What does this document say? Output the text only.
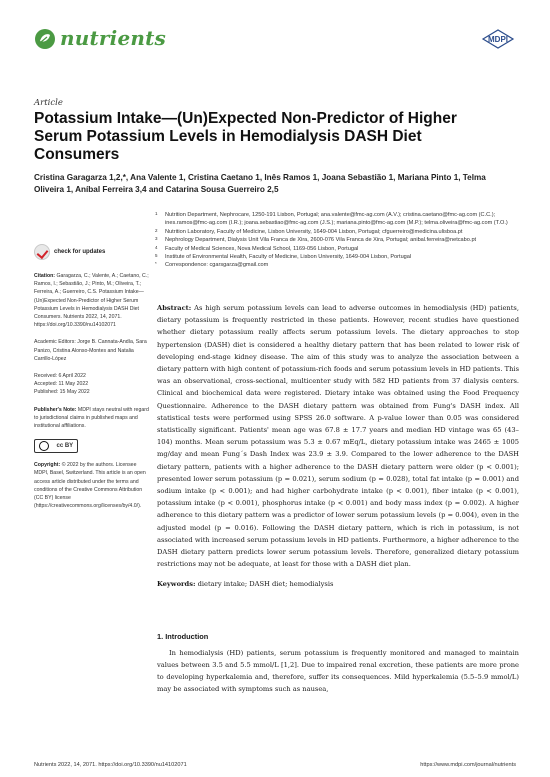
nutrients	MDPI
Article
Potassium Intake—(Un)Expected Non-Predictor of Higher Serum Potassium Levels in Hemodialysis DASH Diet Consumers
Cristina Garagarza 1,2,*, Ana Valente 1, Cristina Caetano 1, Inês Ramos 1, Joana Sebastião 1, Mariana Pinto 1, Telma Oliveira 1, Aníbal Ferreira 3,4 and Catarina Sousa Guerreiro 2,5
1 Nutrition Department, Nephrocare, 1250-191 Lisbon, Portugal; ana.valente@fmc-ag.com (A.V.); cristina.caetano@fmc-ag.com (C.C.); ines.ramos@fmc-ag.com (I.R.); joana.sebastiao@fmc-ag.com (J.S.); mariana.pinto@fmc-ag.com (M.P.); telma.oliveira@fmc-ag.com (T.O.)
2 Nutrition Laboratory, Faculty of Medicine, Lisbon University, 1649-004 Lisbon, Portugal; cfguerreiro@medicina.ulisboa.pt
3 Nephrology Department, Dialysis Unit Vila Franca de Xira, 2600-076 Vila Franca de Xira, Portugal; anibal.ferreira@netcabo.pt
4 Faculty of Medical Sciences, Nova Medical School, 1169-056 Lisbon, Portugal
5 Institute of Environmental Health, Faculty of Medicine, Lisbon University, 1649-004 Lisbon, Portugal
* Correspondence: cgarsgarza@gmail.com
check for updates
Citation: Garagarza, C.; Valente, A.; Caetano, C.; Ramos, I.; Sebastião, J.; Pinto, M.; Oliveira, T.; Ferreira, A.; Guerreiro, C.S. Potassium Intake—(Un)Expected Non-Predictor of Higher Serum Potassium Levels in Hemodialysis DASH Diet Consumers. Nutrients 2022, 14, 2071. https://doi.org/10.3390/nu14102071
Academic Editors: Jorge B. Cannata-Andía, Sara Panizo, Cristina Alonso-Montes and Natalia Carrillo-López
Received: 6 April 2022
Accepted: 11 May 2022
Published: 15 May 2022
Publisher's Note: MDPI stays neutral with regard to jurisdictional claims in published maps and institutional affiliations.
cc BY
Copyright: © 2022 by the authors. Licensee MDPI, Basel, Switzerland. This article is an open access article distributed under the terms and conditions of the Creative Commons Attribution (CC BY) license (https://creativecommons.org/licenses/by/4.0/).

Abstract: As high serum potassium levels can lead to adverse outcomes in hemodialysis (HD) patients, dietary potassium is frequently restricted in these patients. However, recent studies have questioned whether dietary potassium really affects serum potassium levels. The dietary approaches to stop hypertension (DASH) diet is considered a healthy dietary pattern that has been related to lower risk of developing end-stage kidney disease. The aim of this study was to analyze the association between a dietary pattern with high content of potassium-rich foods and serum potassium levels in HD patients. This was an observational, cross-sectional, multicenter study with 582 HD patients from 37 dialysis centers. Clinical and biochemical data were registered. Dietary intake was obtained using the Food Frequency Questionnaire. Adherence to the DASH dietary pattern was obtained from Fung's DASH index. All statistical tests were performed using SPSS 26.0 software. A p-value lower than 0.05 was considered statistically significant. Patients' mean age was 67.8 ± 17.7 years and median HD vintage was 65 (43–104) months. Mean serum potassium was 5.3 ± 0.67 mEq/L, dietary potassium intake was 2465 ± 1005 mg/day and mean Fung´s Dash Index was 23.9 ± 3.9. Compared to the lower adherence to the DASH dietary pattern, patients with a higher adherence to the DASH dietary pattern were older (p < 0.001); presented lower serum potassium (p = 0.021), serum sodium (p = 0.028), total fat intake (p = 0.001) and sodium intake (p < 0.001); and had higher carbohydrate intake (p < 0.001), fiber intake (p < 0.001), potassium intake (p < 0.001), phosphorus intake (p < 0.001) and body mass index (p = 0.002). A higher adherence to this dietary pattern was a predictor of lower serum potassium levels (p = 0.004), even in the adjusted model (p = 0.016). Following the DASH dietary pattern, which is rich in potassium, is not associated with increased serum potassium levels in HD patients. Furthermore, a higher adherence to the DASH dietary pattern predicts lower serum potassium levels. Therefore, generalized dietary potassium restrictions may not be adequate, at least for those with a DASH diet plan.

Keywords: dietary intake; DASH diet; hemodialysis

1. Introduction

In hemodialysis (HD) patients, serum potassium is frequently monitored and managed to maintain values between 3.5 and 5.5 mmol/L [1,2]. Due to impaired renal excretion, these patients are more prone to developing hyperkalemia and, therefore, suffer its consequences. Mild hyperkalemia (5.5–5.9 mmol/L) may be associated with symptoms such as nausea,

Nutrients 2022, 14, 2071. https://doi.org/10.3390/nu14102071	https://www.mdpi.com/journal/nutrients
